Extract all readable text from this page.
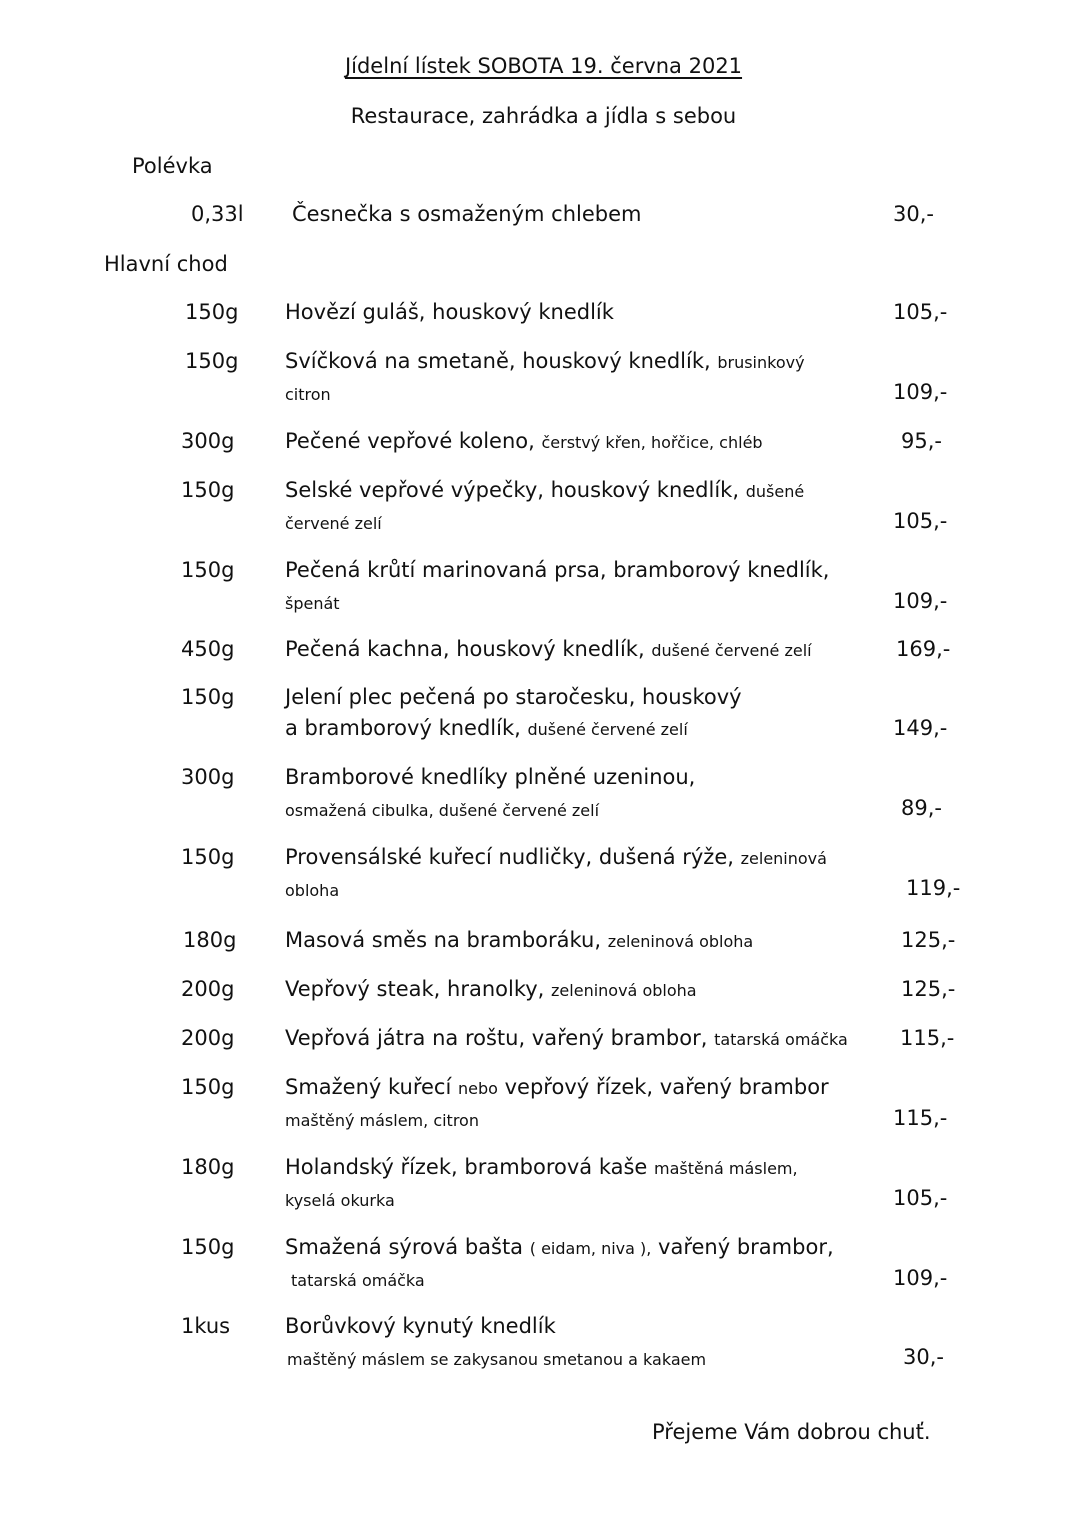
Jídelní lístek SOBOTA 19. června 2021
Restaurace, zahrádka a jídla s sebou
Polévka
0,33l Česnečka s osmaženým chlebem	30,-
Hlavní chod
150g Hovězí guláš, houskový knedlík	105,-
150g Svíčková na smetaně, houskový knedlík, brusinkový
citron	109,-
300g Pečené vepřové koleno, čerstvý křen, hořčice, chléb	95,-
150g Selské vepřové výpečky, houskový knedlík, dušené
červené zelí	105,-
150g Pečená krůtí marinovaná prsa, bramborový knedlík,
špenát	109,-
450g Pečená kachna, houskový knedlík, dušené červené zelí	169,-
150g Jelení plec pečená po staročesku, houskový
a bramborový knedlík, dušené červené zelí	149,-
300g Bramborové knedlíky plněné uzeninou,
osmažená cibulka, dušené červené zelí	89,-
150g Provensálské kuřecí nudličky, dušená rýže, zeleninová
obloha	119,-
180g Masová směs na bramboráku, zeleninová obloha	125,-
200g Vepřový steak, hranolky, zeleninová obloha	125,-
200g Vepřová játra na roštu, vařený brambor, tatarská omáčka 115,-
150g Smažený kuřecí nebo vepřový řízek, vařený brambor
maštěný máslem, citron	115,-
180g Holandský řízek, bramborová kaše maštěná máslem,
kyselá okurka	105,-
150g Smažená sýrová bašta ( eidam, niva ), vařený brambor,
tatarská omáčka	109,-
1kus	Borůvkový kynutý knedlík
maštěný máslem se zakysanou smetanou a kakaem	30,-
Přejeme Vám dobrou chuť.
